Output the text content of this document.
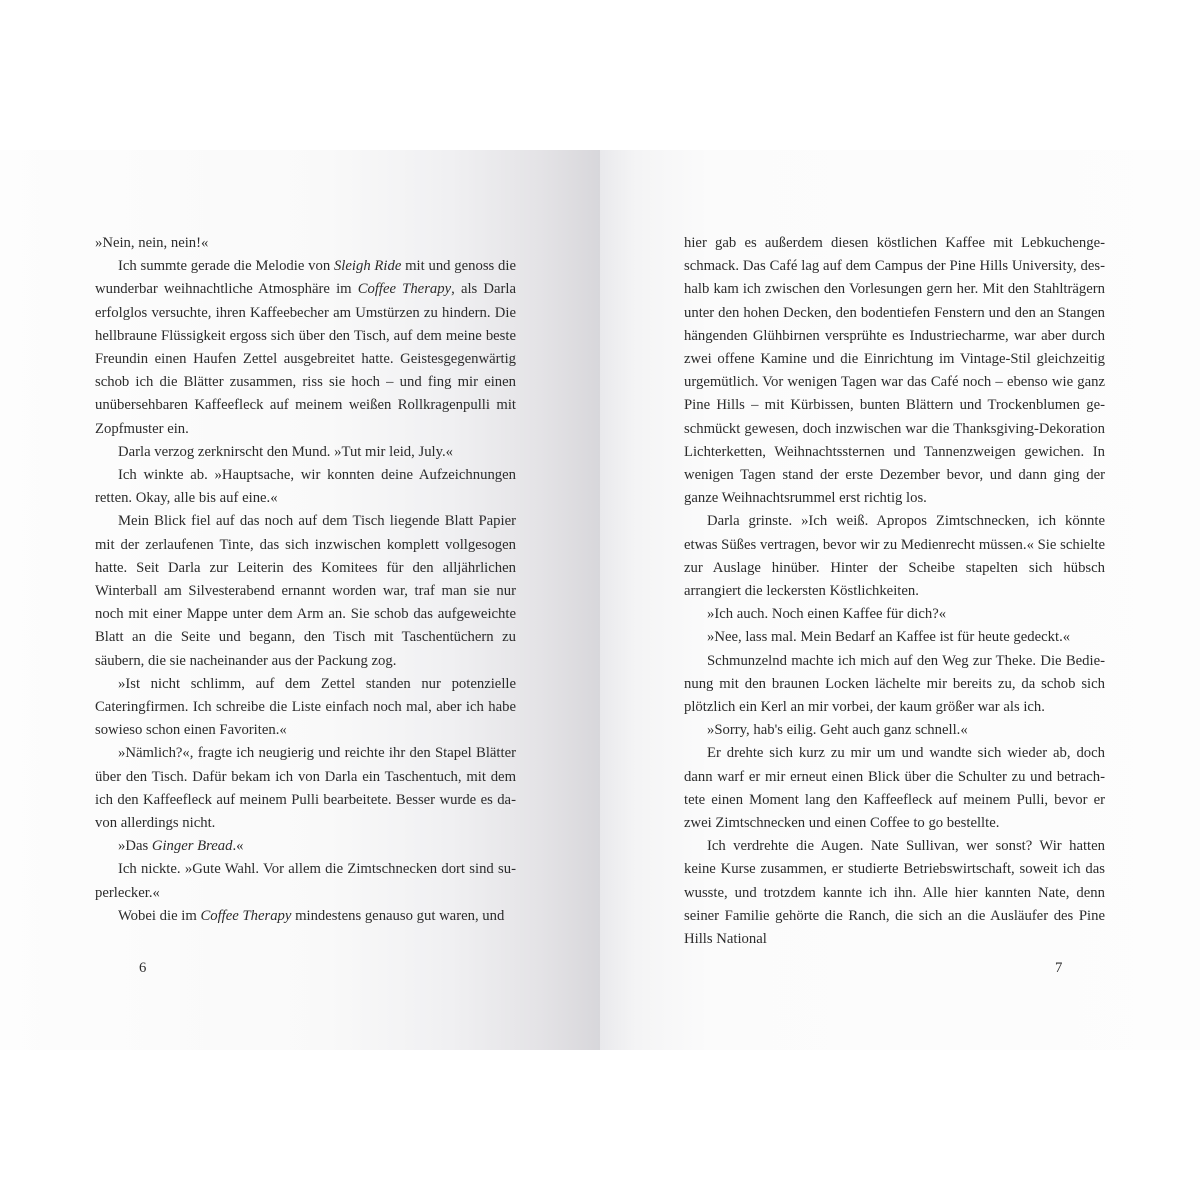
»Nein, nein, nein!«

Ich summte gerade die Melodie von Sleigh Ride mit und genoss die wunderbar weihnachtliche Atmosphäre im Coffee Therapy, als Darla erfolglos versuchte, ihren Kaffeebecher am Umstürzen zu hindern. Die hellbraune Flüssigkeit ergoss sich über den Tisch, auf dem meine beste Freundin einen Haufen Zettel ausgebreitet hatte. Geistesgegenwärtig schob ich die Blätter zusammen, riss sie hoch – und fing mir einen unübersehbaren Kaffeefleck auf meinem weißen Rollkragenpulli mit Zopfmuster ein.

Darla verzog zerknirscht den Mund. »Tut mir leid, July.«

Ich winkte ab. »Hauptsache, wir konnten deine Aufzeichnungen retten. Okay, alle bis auf eine.«

Mein Blick fiel auf das noch auf dem Tisch liegende Blatt Papier mit der zerlaufenen Tinte, das sich inzwischen komplett vollgesogen hatte. Seit Darla zur Leiterin des Komitees für den alljährlichen Winterball am Silvesterabend ernannt worden war, traf man sie nur noch mit einer Mappe unter dem Arm an. Sie schob das aufgeweichte Blatt an die Seite und begann, den Tisch mit Taschentüchern zu säubern, die sie nacheinander aus der Packung zog.

»Ist nicht schlimm, auf dem Zettel standen nur potenzielle Cateringfirmen. Ich schreibe die Liste einfach noch mal, aber ich habe sowieso schon einen Favoriten.«

»Nämlich?«, fragte ich neugierig und reichte ihr den Stapel Blätter über den Tisch. Dafür bekam ich von Darla ein Taschentuch, mit dem ich den Kaffeefleck auf meinem Pulli bearbeitete. Besser wurde es davon allerdings nicht.

»Das Ginger Bread.«

Ich nickte. »Gute Wahl. Vor allem die Zimtschnecken dort sind superlecker.«

Wobei die im Coffee Therapy mindestens genauso gut waren, und

6

hier gab es außerdem diesen köstlichen Kaffee mit Lebkuchengeschmack. Das Café lag auf dem Campus der Pine Hills University, deshalb kam ich zwischen den Vorlesungen gern her. Mit den Stahlträgern unter den hohen Decken, den bodentiefen Fenstern und den an Stangen hängenden Glühbirnen versprühte es Industriecharme, war aber durch zwei offene Kamine und die Einrichtung im Vintage-Stil gleichzeitig urgemütlich. Vor wenigen Tagen war das Café noch – ebenso wie ganz Pine Hills – mit Kürbissen, bunten Blättern und Trockenblumen geschmückt gewesen, doch inzwischen war die Thanksgiving-Dekoration Lichterketten, Weihnachtssternen und Tannenzweigen gewichen. In wenigen Tagen stand der erste Dezember bevor, und dann ging der ganze Weihnachtsrummel erst richtig los.

Darla grinste. »Ich weiß. Apropos Zimtschnecken, ich könnte etwas Süßes vertragen, bevor wir zu Medienrecht müssen.« Sie schielte zur Auslage hinüber. Hinter der Scheibe stapelten sich hübsch arrangiert die leckersten Köstlichkeiten.

»Ich auch. Noch einen Kaffee für dich?«

»Nee, lass mal. Mein Bedarf an Kaffee ist für heute gedeckt.«

Schmunzelnd machte ich mich auf den Weg zur Theke. Die Bedienung mit den braunen Locken lächelte mir bereits zu, da schob sich plötzlich ein Kerl an mir vorbei, der kaum größer war als ich.

»Sorry, hab's eilig. Geht auch ganz schnell.«

Er drehte sich kurz zu mir um und wandte sich wieder ab, doch dann warf er mir erneut einen Blick über die Schulter zu und betrachtete einen Moment lang den Kaffeefleck auf meinem Pulli, bevor er zwei Zimtschnecken und einen Coffee to go bestellte.

Ich verdrehte die Augen. Nate Sullivan, wer sonst? Wir hatten keine Kurse zusammen, er studierte Betriebswirtschaft, soweit ich das wusste, und trotzdem kannte ich ihn. Alle hier kannten Nate, denn seiner Familie gehörte die Ranch, die sich an die Ausläufer des Pine Hills National

7
